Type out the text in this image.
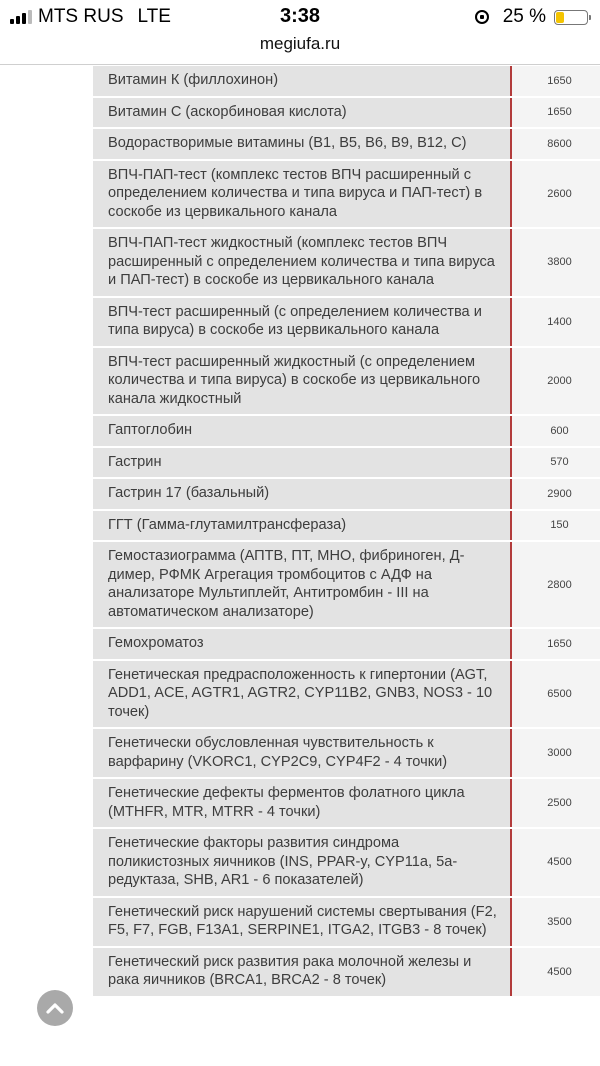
MTS RUS LTE	3:38	25 %
megiufa.ru
Витамин К (филлохинон)	1650
Витамин С (аскорбиновая кислота)	1650
Водорастворимые витамины (В1, В5, В6, В9, В12, С)	8600
ВПЧ-ПАП-тест (комплекс тестов ВПЧ расширенный с определением количества и типа вируса и ПАП-тест) в соскобе из цервикального канала	2600
ВПЧ-ПАП-тест жидкостный (комплекс тестов ВПЧ расширенный с определением количества и типа вируса и ПАП-тест) в соскобе из цервикального канала	3800
ВПЧ-тест расширенный (с определением количества и типа вируса) в соскобе из цервикального канала	1400
ВПЧ-тест расширенный жидкостный (с определением количества и типа вируса) в соскобе из цервикального канала жидкостный	2000
Гаптоглобин	600
Гастрин	570
Гастрин 17 (базальный)	2900
ГГТ (Гамма-глутамилтрансфераза)	150
Гемостазиограмма (АПТВ, ПТ, МНО, фибриноген, Д-димер, РФМК Агрегация тромбоцитов с АДФ на анализаторе Мультиплейт, Антитромбин - III на автоматическом анализаторе)	2800
Гемохроматоз	1650
Генетическая предрасположенность к гипертонии (AGT, ADD1, ACE, AGTR1, AGTR2, CYP11B2, GNB3, NOS3 - 10 точек)	6500
Генетически обусловленная чувствительность к варфарину (VKORC1, CYP2C9, CYP4F2 - 4 точки)	3000
Генетические дефекты ферментов фолатного цикла (MTHFR, MTR, MTRR - 4 точки)	2500
Генетические факторы развития синдрома поликистозных яичников (INS, PPAR-y, CYP11a, 5a-редуктаза, SHB, AR1 - 6 показателей)	4500
Генетический риск нарушений системы свертывания (F2, F5, F7, FGB, F13A1, SERPINE1, ITGA2, ITGB3 - 8 точек)	3500
Генетический риск развития рака молочной железы и рака яичников (BRCA1, BRCA2 - 8 точек)	4500
